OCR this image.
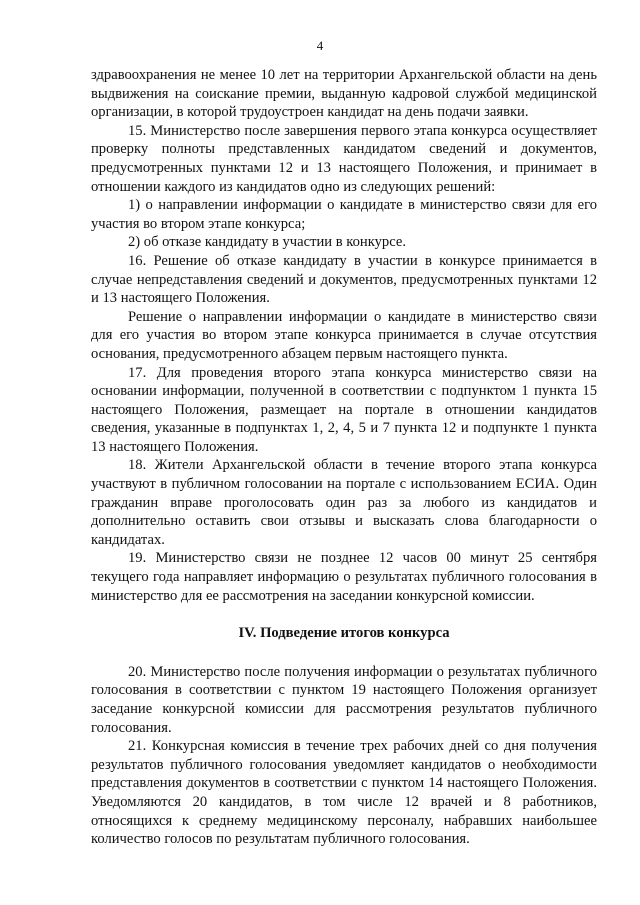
4

здравоохранения не менее 10 лет на территории Архангельской области на день выдвижения на соискание премии, выданную кадровой службой медицинской организации, в которой трудоустроен кандидат на день подачи заявки.

15. Министерство после завершения первого этапа конкурса осуществляет проверку полноты представленных кандидатом сведений и документов, предусмотренных пунктами 12 и 13 настоящего Положения, и принимает в отношении каждого из кандидатов одно из следующих решений:

1) о направлении информации о кандидате в министерство связи для его участия во втором этапе конкурса;

2) об отказе кандидату в участии в конкурсе.

16. Решение об отказе кандидату в участии в конкурсе принимается в случае непредставления сведений и документов, предусмотренных пунктами 12 и 13 настоящего Положения.

Решение о направлении информации о кандидате в министерство связи для его участия во втором этапе конкурса принимается в случае отсутствия основания, предусмотренного абзацем первым настоящего пункта.

17. Для проведения второго этапа конкурса министерство связи на основании информации, полученной в соответствии с подпунктом 1 пункта 15 настоящего Положения, размещает на портале в отношении кандидатов сведения, указанные в подпунктах 1, 2, 4, 5 и 7 пункта 12 и подпункте 1 пункта 13 настоящего Положения.

18. Жители Архангельской области в течение второго этапа конкурса участвуют в публичном голосовании на портале с использованием ЕСИА. Один гражданин вправе проголосовать один раз за любого из кандидатов и дополнительно оставить свои отзывы и высказать слова благодарности о кандидатах.

19. Министерство связи не позднее 12 часов 00 минут 25 сентября текущего года направляет информацию о результатах публичного голосования в министерство для ее рассмотрения на заседании конкурсной комиссии.

IV. Подведение итогов конкурса

20. Министерство после получения информации о результатах публичного голосования в соответствии с пунктом 19 настоящего Положения организует заседание конкурсной комиссии для рассмотрения результатов публичного голосования.

21. Конкурсная комиссия в течение трех рабочих дней со дня получения результатов публичного голосования уведомляет кандидатов о необходимости представления документов в соответствии с пунктом 14 настоящего Положения. Уведомляются 20 кандидатов, в том числе 12 врачей и 8 работников, относящихся к среднему медицинскому персоналу, набравших наибольшее количество голосов по результатам публичного голосования.
